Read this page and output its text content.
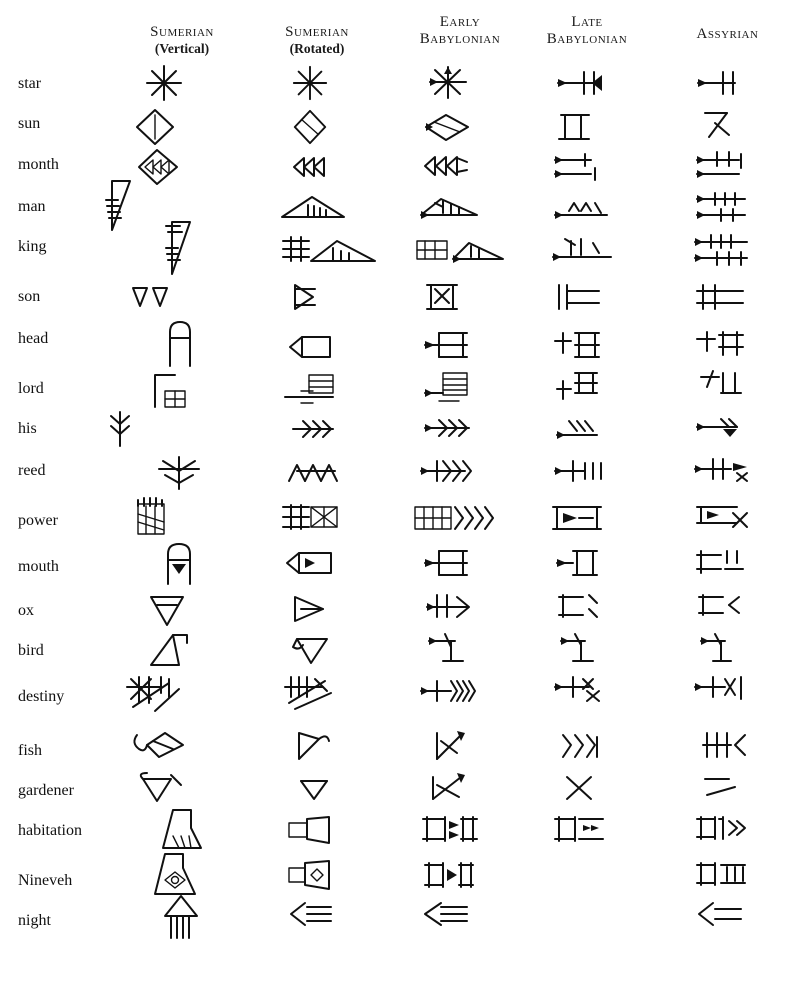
Sumerian
(Vertical)
Sumerian
(Rotated)
Early
Babylonian
Late
Babylonian	Assyrian
star
sun
month
man
king
son
head
lord
his
reed
power
mouth
ox
bird
destiny
fish
gardener
habitation
Nineveh
night
